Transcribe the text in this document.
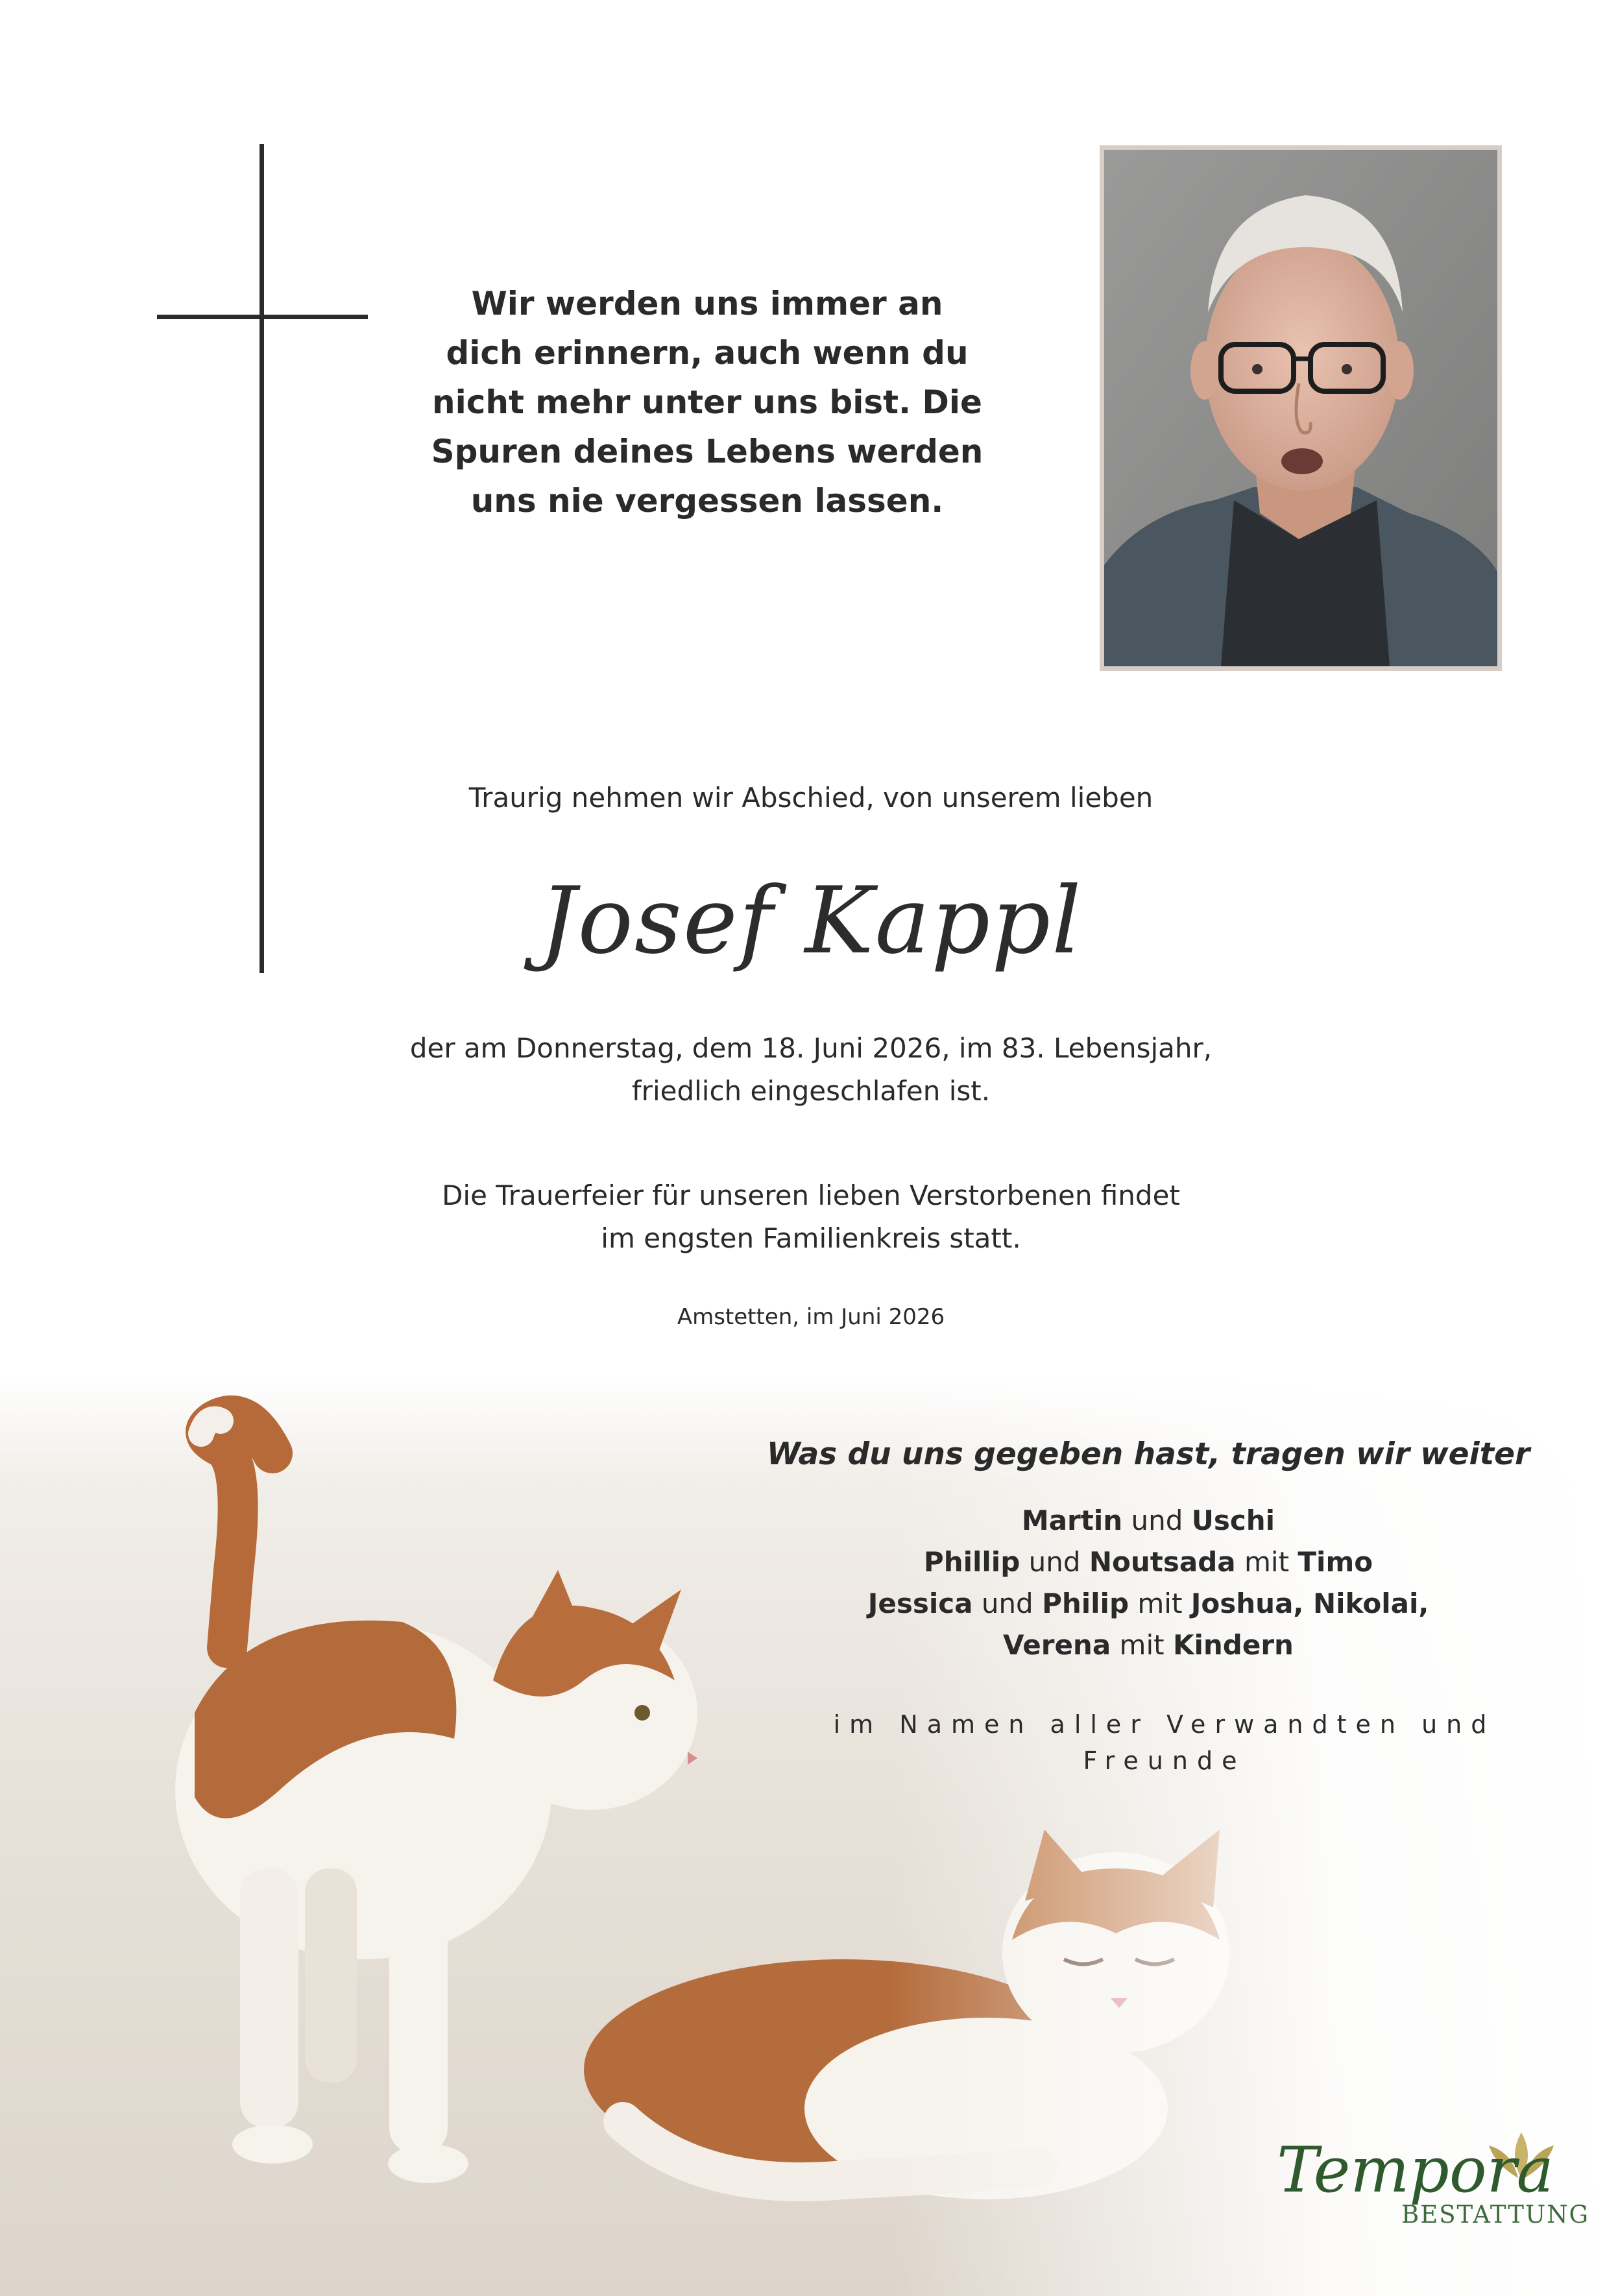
Wir werden uns immer an
dich erinnern, auch wenn du
nicht mehr unter uns bist. Die
Spuren deines Lebens werden
uns nie vergessen lassen.
Traurig nehmen wir Abschied, von unserem lieben
Josef Kappl
der am Donnerstag, dem 18. Juni 2026, im 83. Lebensjahr,
friedlich eingeschlafen ist.
Die Trauerfeier für unseren lieben Verstorbenen findet
im engsten Familienkreis statt.
Amstetten, im Juni 2026
Was du uns gegeben hast, tragen wir weiter
Martin und Uschi
Phillip und Noutsada mit Timo
Jessica und Philip mit Joshua, Nikolai,
Verena mit Kindern
im Namen aller Verwandten und Freunde
Tempora
BESTATTUNG
